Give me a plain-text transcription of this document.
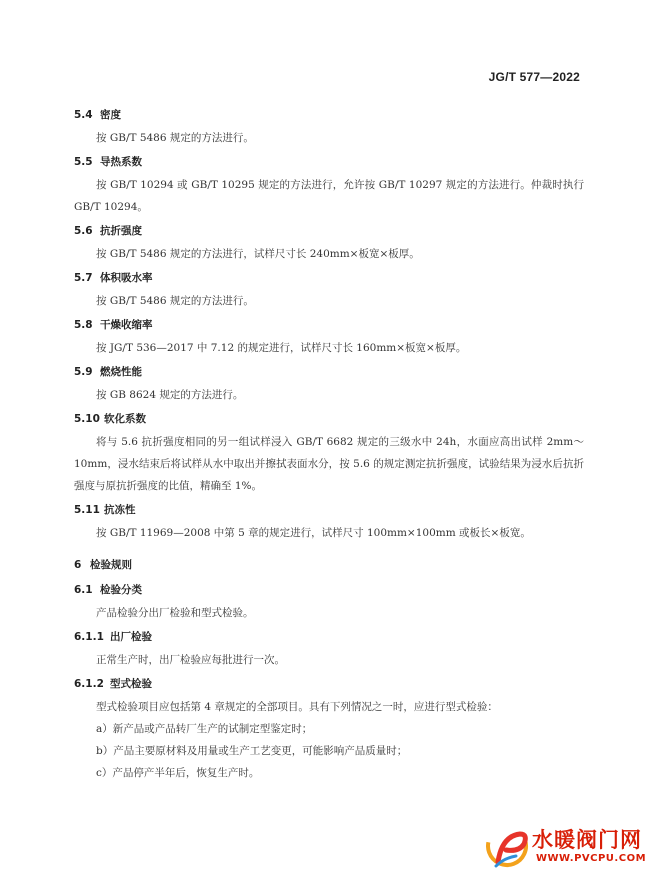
JG/T 577—2022
5.4 密度
按 GB/T 5486 规定的方法进行。
5.5 导热系数
按 GB/T 10294 或 GB/T 10295 规定的方法进行，允许按 GB/T 10297 规定的方法进行。仲裁时执行 GB/T 10294。
5.6 抗折强度
按 GB/T 5486 规定的方法进行，试样尺寸长 240mm×板宽×板厚。
5.7 体积吸水率
按 GB/T 5486 规定的方法进行。
5.8 干燥收缩率
按 JG/T 536—2017 中 7.12 的规定进行，试样尺寸长 160mm×板宽×板厚。
5.9 燃烧性能
按 GB 8624 规定的方法进行。
5.10 软化系数
将与 5.6 抗折强度相同的另一组试样浸入 GB/T 6682 规定的三级水中 24h，水面应高出试样 2mm～10mm，浸水结束后将试样从水中取出并擦拭表面水分，按 5.6 的规定测定抗折强度，试验结果为浸水后抗折强度与原抗折强度的比值，精确至 1%。
5.11 抗冻性
按 GB/T 11969—2008 中第 5 章的规定进行，试样尺寸 100mm×100mm 或板长×板宽。
6 检验规则
6.1 检验分类
产品检验分出厂检验和型式检验。
6.1.1 出厂检验
正常生产时，出厂检验应每批进行一次。
6.1.2 型式检验
型式检验项目应包括第 4 章规定的全部项目。具有下列情况之一时，应进行型式检验：
a）新产品或产品转厂生产的试制定型鉴定时；
b）产品主要原材料及用量或生产工艺变更，可能影响产品质量时；
c）产品停产半年后，恢复生产时。
水暖阀门网
WWW.PVCPU.COM
